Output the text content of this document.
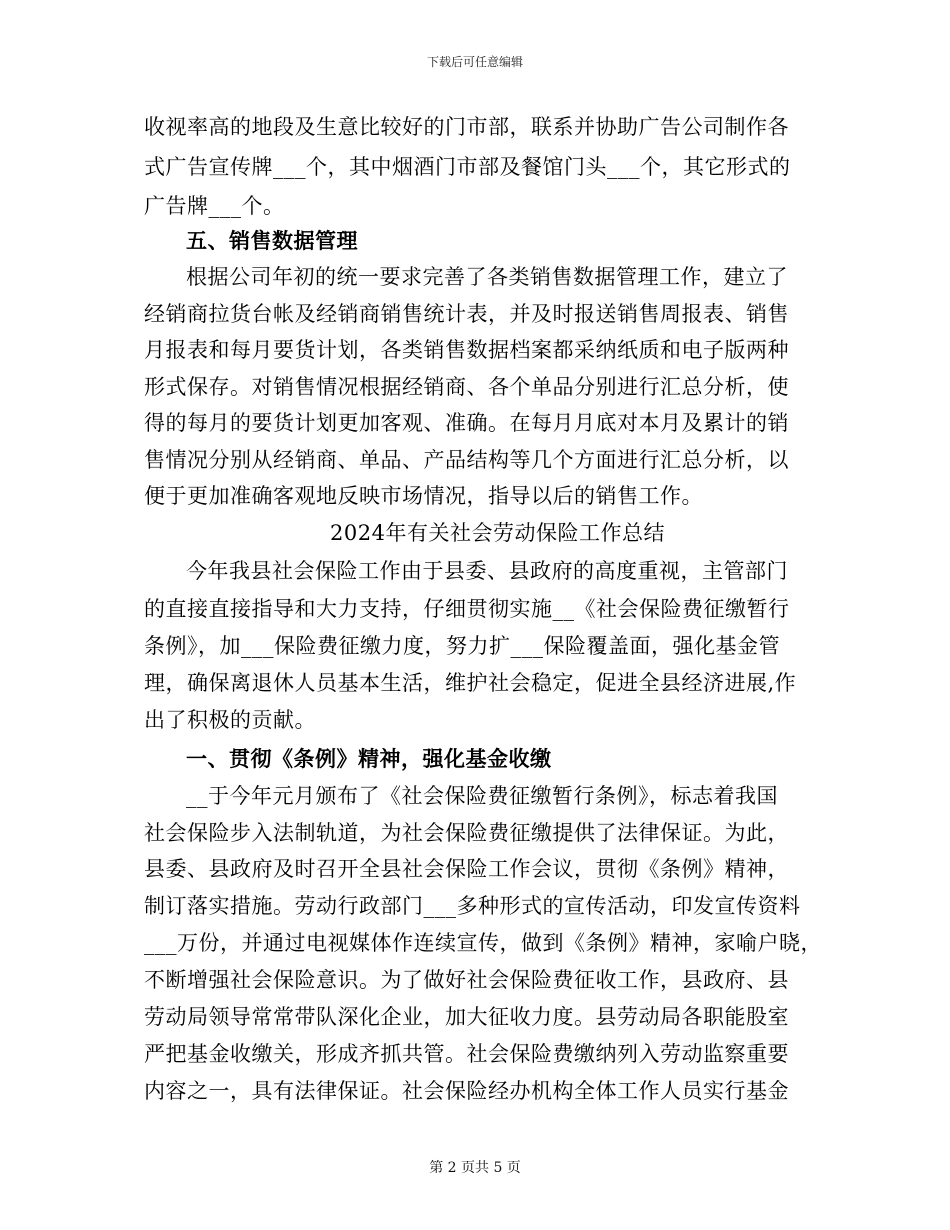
下载后可任意编辑
收视率高的地段及生意比较好的门市部，联系并协助广告公司制作各
式广告宣传牌___个，其中烟酒门市部及餐馆门头___个，其它形式的
广告牌___个。
五、销售数据管理
根据公司年初的统一要求完善了各类销售数据管理工作，建立了
经销商拉货台帐及经销商销售统计表，并及时报送销售周报表、销售
月报表和每月要货计划，各类销售数据档案都采纳纸质和电子版两种
形式保存。对销售情况根据经销商、各个单品分别进行汇总分析，使
得的每月的要货计划更加客观、准确。在每月月底对本月及累计的销
售情况分别从经销商、单品、产品结构等几个方面进行汇总分析，以
便于更加准确客观地反映市场情况，指导以后的销售工作。
2024年有关社会劳动保险工作总结
今年我县社会保险工作由于县委、县政府的高度重视，主管部门
的直接直接指导和大力支持，仔细贯彻实施__《社会保险费征缴暂行
条例》，加___保险费征缴力度，努力扩___保险覆盖面，强化基金管
理，确保离退休人员基本生活，维护社会稳定，促进全县经济进展,作
出了积极的贡献。
一、贯彻《条例》精神，强化基金收缴
__于今年元月颁布了《社会保险费征缴暂行条例》，标志着我国
社会保险步入法制轨道，为社会保险费征缴提供了法律保证。为此，
县委、县政府及时召开全县社会保险工作会议，贯彻《条例》精神，
制订落实措施。劳动行政部门___多种形式的宣传活动，印发宣传资料
___万份，并通过电视媒体作连续宣传，做到《条例》精神，家喻户晓，
不断增强社会保险意识。为了做好社会保险费征收工作，县政府、县
劳动局领导常常带队深化企业，加大征收力度。县劳动局各职能股室
严把基金收缴关，形成齐抓共管。社会保险费缴纳列入劳动监察重要
内容之一，具有法律保证。社会保险经办机构全体工作人员实行基金
第 2 页共 5 页
